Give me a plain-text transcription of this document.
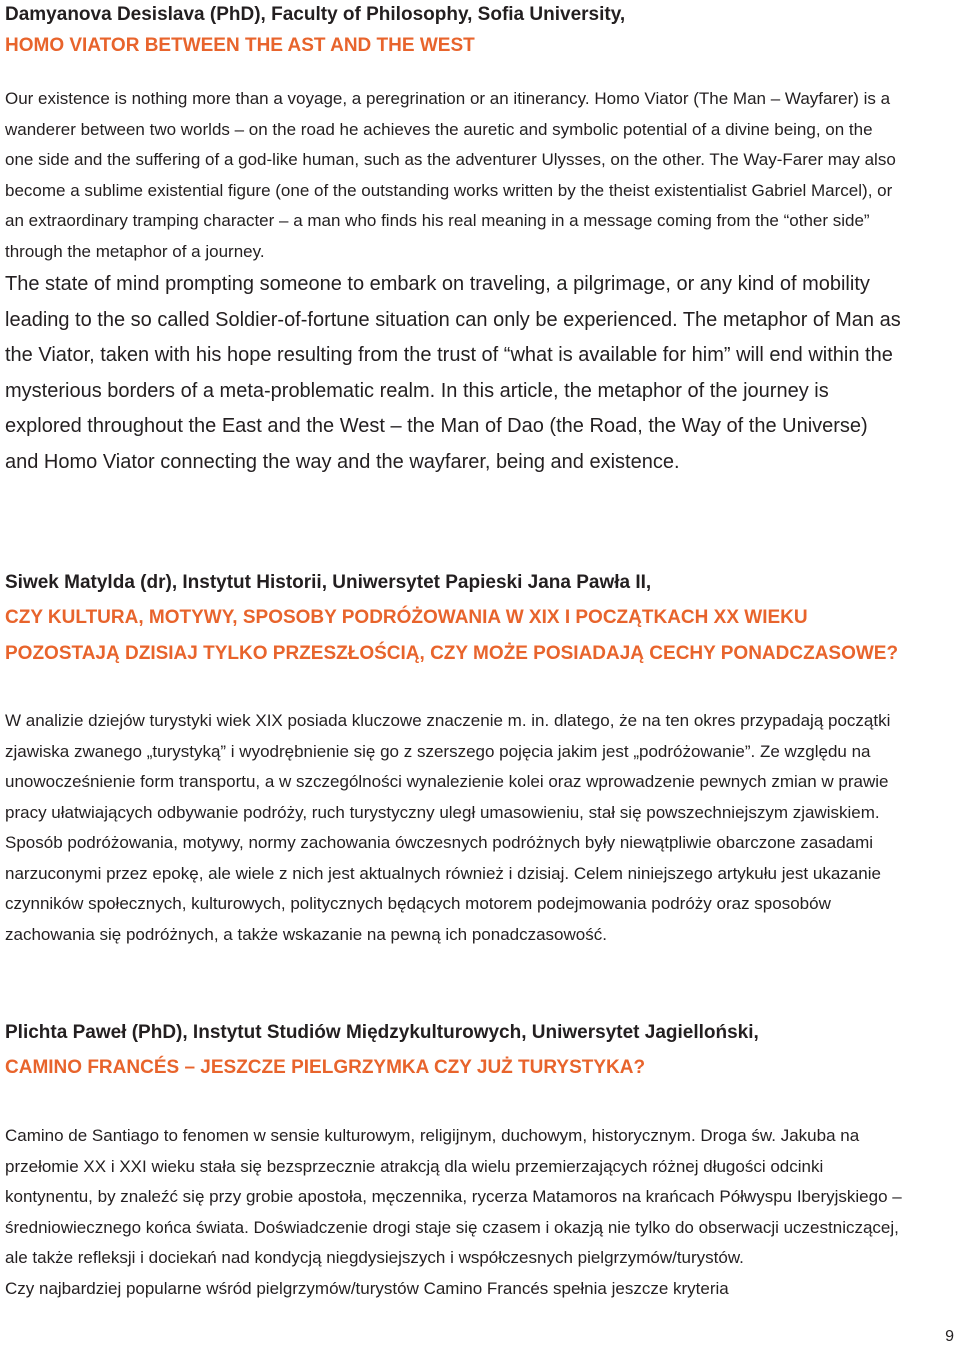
Damyanova Desislava (PhD), Faculty of Philosophy, Sofia University,

HOMO VIATOR BETWEEN THE AST AND THE WEST

Our existence is nothing more than a voyage, a peregrination or an itinerancy. Homo Viator (The Man – Wayfarer) is a wanderer between two worlds – on the road he achieves the auretic and symbolic potential of a divine being, on the one side and the suffering of a god-like human, such as the adventurer Ulysses, on the other. The Way-Farer may also become a sublime existential figure (one of the outstanding works written by the theist existentialist Gabriel Marcel), or an extraordinary tramping character – a man who finds his real meaning in a message coming from the “other side” through the metaphor of a journey.

The state of mind prompting someone to embark on traveling, a pilgrimage, or any kind of mobility leading to the so called Soldier-of-fortune situation can only be experienced. The metaphor of Man as the Viator, taken with his hope resulting from the trust of “what is available for him” will end within the mysterious borders of a meta-problematic realm. In this article, the metaphor of the journey is explored throughout the East and the West – the Man of Dao (the Road, the Way of the Universe) and Homo Viator connecting the way and the wayfarer, being and existence.

Siwek Matylda (dr), Instytut Historii, Uniwersytet Papieski Jana Pawła II,

CZY KULTURA, MOTYWY, SPOSOBY PODRÓŻOWANIA W XIX I POCZĄTKACH XX WIEKU

POZOSTAJĄ DZISIAJ TYLKO PRZESZŁOŚCIĄ, CZY MOŻE POSIADAJĄ CECHY PONADCZASOWE?

W analizie dziejów turystyki wiek XIX posiada kluczowe znaczenie m. in. dlatego, że na ten okres przypadają początki zjawiska zwanego „turystyką” i wyodrębnienie się go z szerszego pojęcia jakim jest „podróżowanie”. Ze względu na unowocześnienie form transportu, a w szczególności wynalezienie kolei oraz wprowadzenie pewnych zmian w prawie pracy ułatwiających odbywanie podróży, ruch turystyczny uległ umasowieniu, stał się powszechniejszym zjawiskiem. Sposób podróżowania, motywy, normy zachowania ówczesnych podróżnych były niewątpliwie obarczone zasadami narzuconymi przez epokę, ale wiele z nich jest aktualnych również i dzisiaj. Celem niniejszego artykułu jest ukazanie czynników społecznych, kulturowych, politycznych będących motorem podejmowania podróży oraz sposobów zachowania się podróżnych, a także wskazanie na pewną ich ponadczasowość.

Plichta Paweł (PhD), Instytut Studiów Międzykulturowych, Uniwersytet Jagielloński,

CAMINO FRANCÉS – JESZCZE PIELGRZYMKA CZY JUŻ TURYSTYKA?

Camino de Santiago to fenomen w sensie kulturowym, religijnym, duchowym, historycznym. Droga św. Jakuba na przełomie XX i XXI wieku stała się bezsprzecznie atrakcją dla wielu przemierzających różnej długości odcinki kontynentu, by znaleźć się przy grobie apostoła, męczennika, rycerza Matamoros na krańcach Półwyspu Iberyjskiego – średniowiecznego końca świata. Doświadczenie drogi staje się czasem i okazją nie tylko do obserwacji uczestniczącej, ale także refleksji i dociekań nad kondycją niegdysiejszych i współczesnych pielgrzymów/turystów.

Czy najbardziej popularne wśród pielgrzymów/turystów Camino Francés spełnia jeszcze kryteria

9
